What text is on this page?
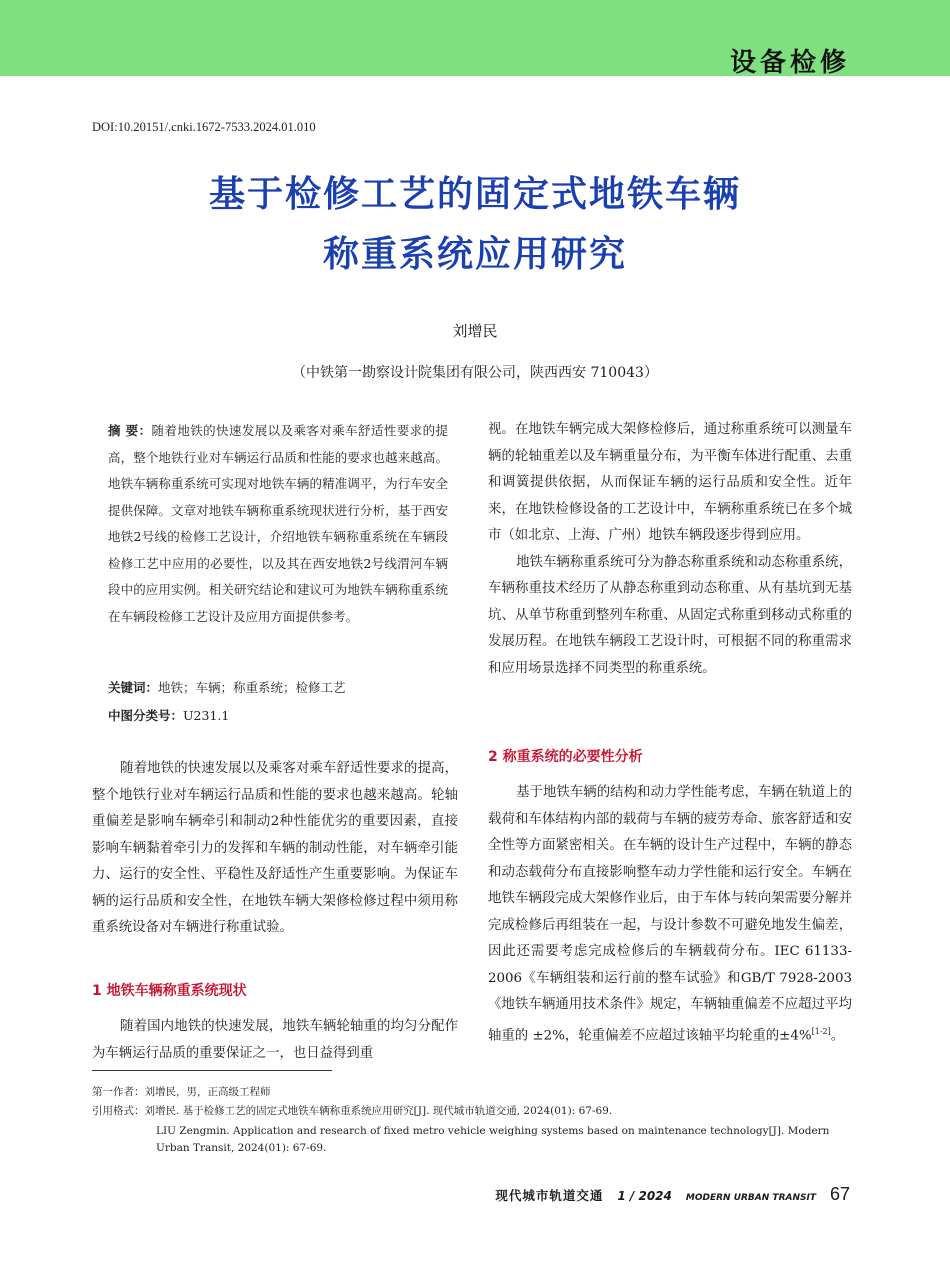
设备检修
DOI:10.20151/.cnki.1672-7533.2024.01.010
基于检修工艺的固定式地铁车辆
称重系统应用研究
刘增民
（中铁第一勘察设计院集团有限公司，陕西西安 710043）
摘 要：随着地铁的快速发展以及乘客对乘车舒适性要求的提高，整个地铁行业对车辆运行品质和性能的要求也越来越高。地铁车辆称重系统可实现对地铁车辆的精准调平，为行车安全提供保障。文章对地铁车辆称重系统现状进行分析，基于西安地铁2号线的检修工艺设计，介绍地铁车辆称重系统在车辆段检修工艺中应用的必要性，以及其在西安地铁2号线渭河车辆段中的应用实例。相关研究结论和建议可为地铁车辆称重系统在车辆段检修工艺设计及应用方面提供参考。
关键词：地铁；车辆；称重系统；检修工艺
中图分类号：U231.1

随着地铁的快速发展以及乘客对乘车舒适性要求的提高，整个地铁行业对车辆运行品质和性能的要求也越来越高。轮轴重偏差是影响车辆牵引和制动2种性能优劣的重要因素，直接影响车辆黏着牵引力的发挥和车辆的制动性能，对车辆牵引能力、运行的安全性、平稳性及舒适性产生重要影响。为保证车辆的运行品质和安全性，在地铁车辆大架修检修过程中须用称重系统设备对车辆进行称重试验。

1 地铁车辆称重系统现状

随着国内地铁的快速发展，地铁车辆轮轴重的均匀分配作为车辆运行品质的重要保证之一，也日益得到重

视。在地铁车辆完成大架修检修后，通过称重系统可以测量车辆的轮轴重差以及车辆重量分布，为平衡车体进行配重、去重和调簧提供依据，从而保证车辆的运行品质和安全性。近年来，在地铁检修设备的工艺设计中，车辆称重系统已在多个城市（如北京、上海、广州）地铁车辆段逐步得到应用。

地铁车辆称重系统可分为静态称重系统和动态称重系统，车辆称重技术经历了从静态称重到动态称重、从有基坑到无基坑、从单节称重到整列车称重、从固定式称重到移动式称重的发展历程。在地铁车辆段工艺设计时，可根据不同的称重需求和应用场景选择不同类型的称重系统。

2 称重系统的必要性分析

基于地铁车辆的结构和动力学性能考虑，车辆在轨道上的载荷和车体结构内部的载荷与车辆的疲劳寿命、旅客舒适和安全性等方面紧密相关。在车辆的设计生产过程中，车辆的静态和动态载荷分布直接影响整车动力学性能和运行安全。车辆在地铁车辆段完成大架修作业后，由于车体与转向架需要分解并完成检修后再组装在一起，与设计参数不可避免地发生偏差，因此还需要考虑完成检修后的车辆载荷分布。IEC 61133-2006《车辆组装和运行前的整车试验》和GB/T 7928-2003《地铁车辆通用技术条件》规定，车辆轴重偏差不应超过平均轴重的 ±2%，轮重偏差不应超过该轴平均轮重的±4%[1-2]。

第一作者：刘增民，男，正高级工程师
引用格式：刘增民. 基于检修工艺的固定式地铁车辆称重系统应用研究[J]. 现代城市轨道交通, 2024(01): 67-69.
LIU Zengmin. Application and research of fixed metro vehicle weighing systems based on maintenance technology[J]. Modern Urban Transit, 2024(01): 67-69.
现代城市轨道交通 1 / 2024 MODERN URBAN TRANSIT 67
